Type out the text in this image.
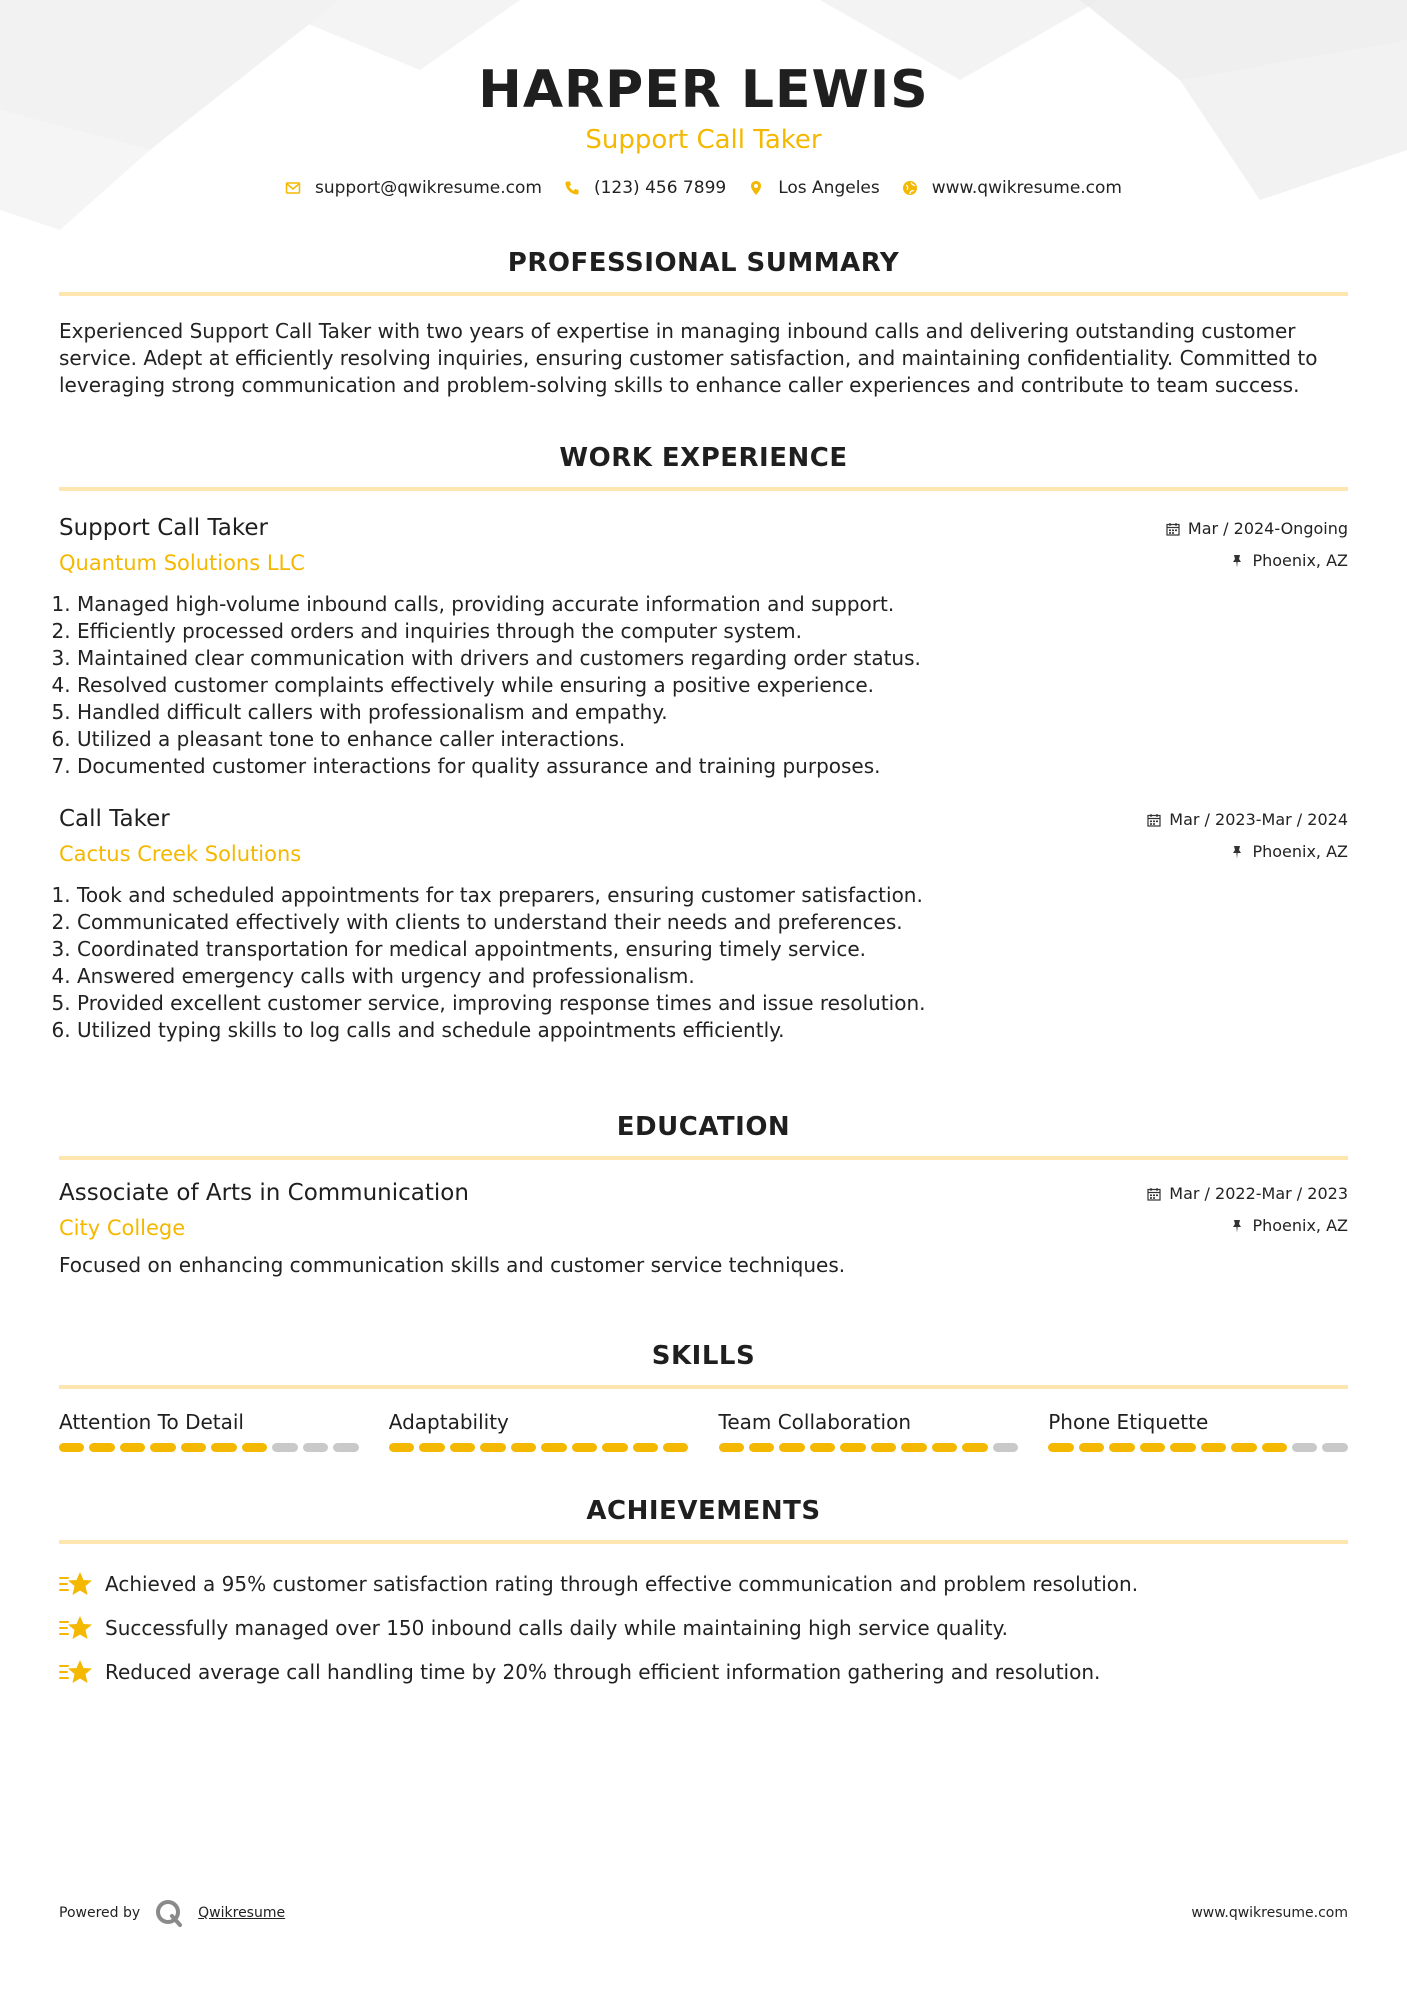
HARPER LEWIS
Support Call Taker
support@qwikresume.com	(123) 456 7899	Los Angeles	www.qwikresume.com
PROFESSIONAL SUMMARY

Experienced Support Call Taker with two years of expertise in managing inbound calls and delivering outstanding customer service. Adept at efficiently resolving inquiries, ensuring customer satisfaction, and maintaining confidentiality. Committed to leveraging strong communication and problem-solving skills to enhance caller experiences and contribute to team success.

WORK EXPERIENCE
Support Call Taker
Quantum Solutions LLC
Mar / 2024-Ongoing
Phoenix, AZ
1. Managed high-volume inbound calls, providing accurate information and support.
2. Efficiently processed orders and inquiries through the computer system.
3. Maintained clear communication with drivers and customers regarding order status.
4. Resolved customer complaints effectively while ensuring a positive experience.
5. Handled difficult callers with professionalism and empathy.
6. Utilized a pleasant tone to enhance caller interactions.
7. Documented customer interactions for quality assurance and training purposes.
Call Taker
Cactus Creek Solutions
Mar / 2023-Mar / 2024
Phoenix, AZ
1. Took and scheduled appointments for tax preparers, ensuring customer satisfaction.
2. Communicated effectively with clients to understand their needs and preferences.
3. Coordinated transportation for medical appointments, ensuring timely service.
4. Answered emergency calls with urgency and professionalism.
5. Provided excellent customer service, improving response times and issue resolution.
6. Utilized typing skills to log calls and schedule appointments efficiently.
EDUCATION
Associate of Arts in Communication
City College
Mar / 2022-Mar / 2023
Phoenix, AZ
Focused on enhancing communication skills and customer service techniques.
SKILLS
Attention To Detail	Adaptability	Team Collaboration	Phone Etiquette
ACHIEVEMENTS
Achieved a 95% customer satisfaction rating through effective communication and problem resolution.
Successfully managed over 150 inbound calls daily while maintaining high service quality.
Reduced average call handling time by 20% through efficient information gathering and resolution.
Powered by	Qwikresume	www.qwikresume.com
